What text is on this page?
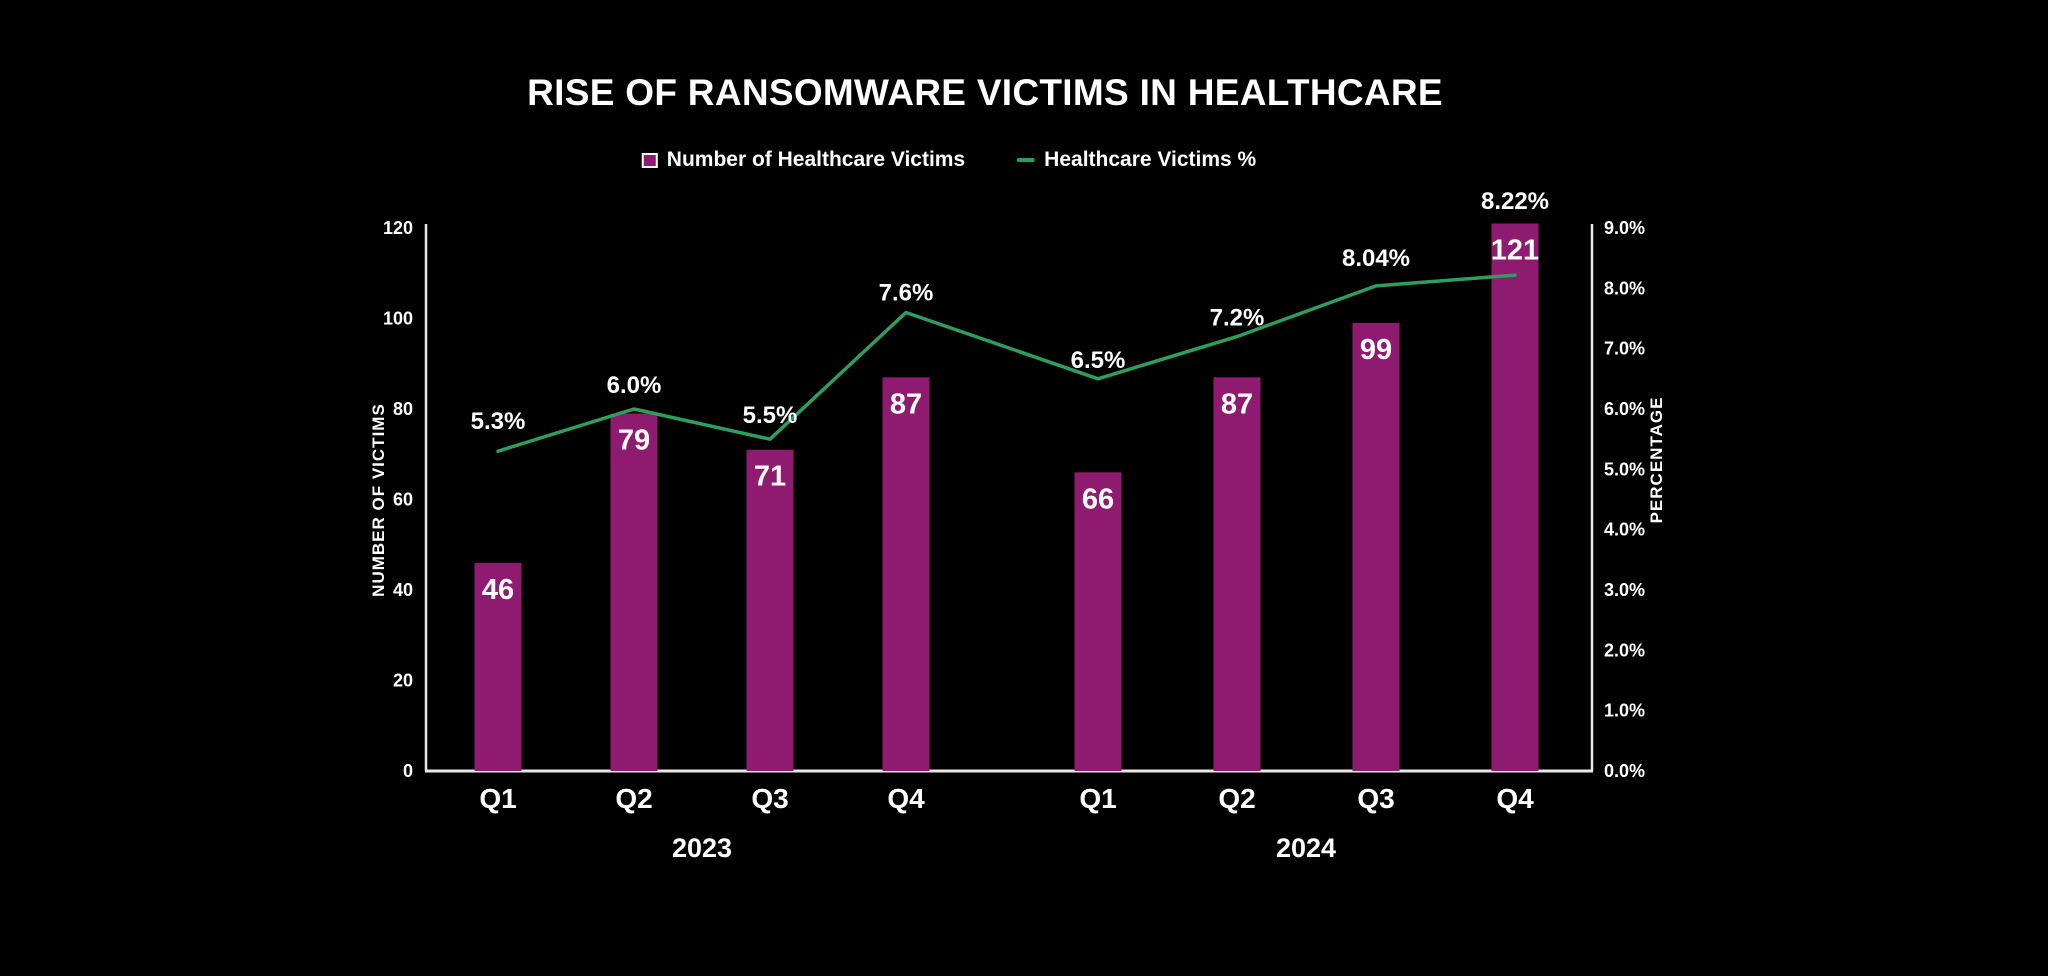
RISE OF RANSOMWARE VICTIMS IN HEALTHCARE
Number of Healthcare Victims	Healthcare Victims %
0
20
40
60
80
100
120
0.0%
1.0%
2.0%
3.0%
4.0%
5.0%
6.0%
7.0%
8.0%
9.0%
NUMBER OF VICTIMS	PERCENTAGE
46
79
71
87
66
87
99
121
5.3%
6.0%
5.5%
7.6%
6.5%
7.2%
8.04%
8.22%
Q1	Q2	Q3	Q4	Q1	Q2	Q3	Q4
2023	2024
